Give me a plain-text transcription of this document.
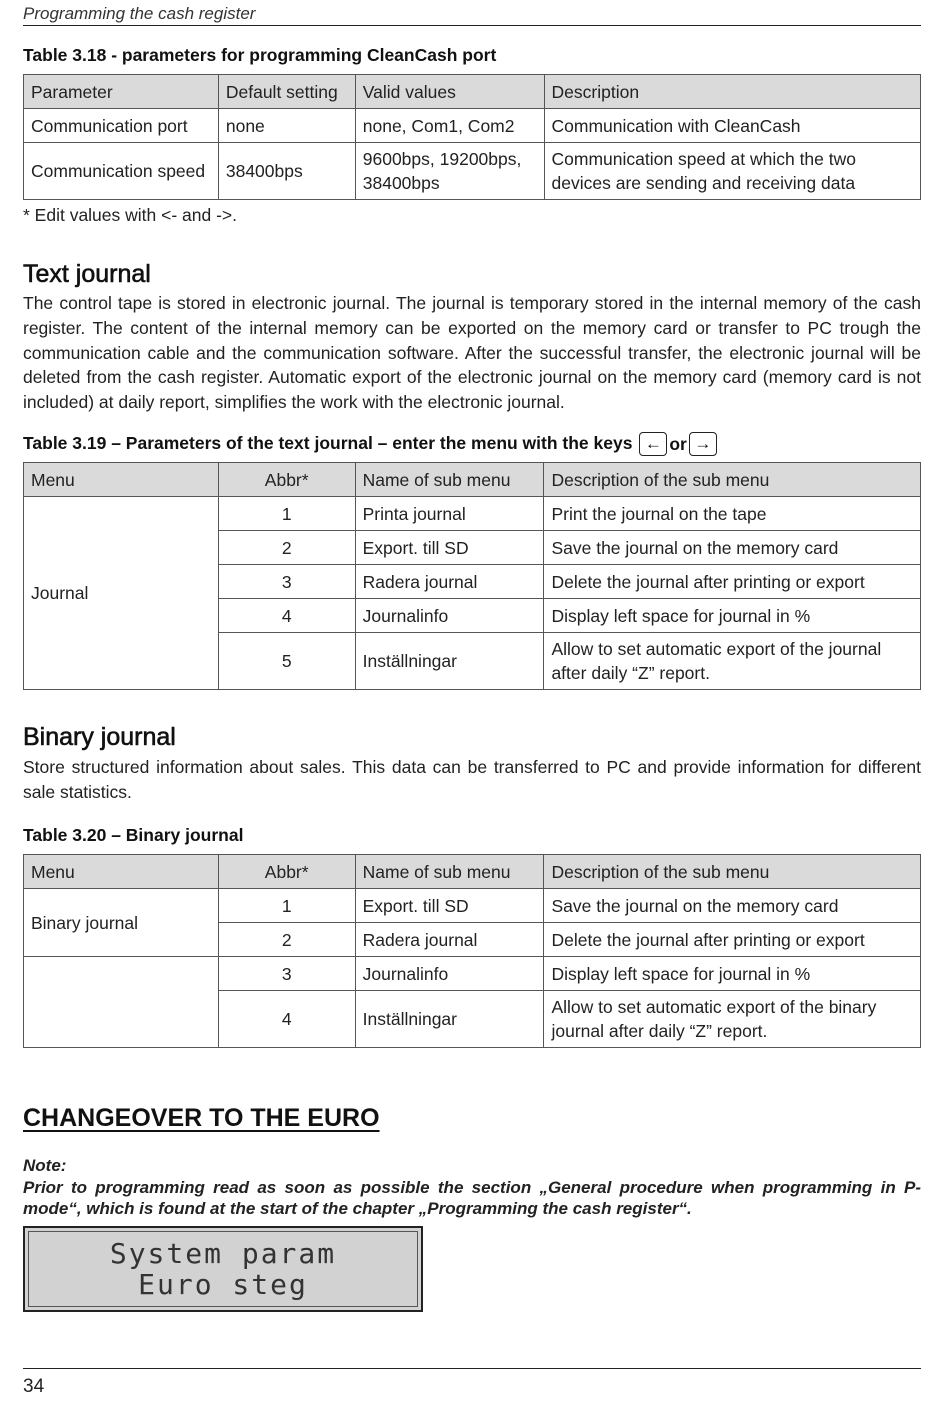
Programming the cash register
Table 3.18 - parameters for programming CleanCash port
Parameter	Default setting	Valid values	Description
Communication port	none	none, Com1, Com2	Communication with CleanCash
Communication speed	38400bps	9600bps, 19200bps, 38400bps	Communication speed at which the two devices are sending and receiving data
* Edit values with <- and ->.
Text journal

The control tape is stored in electronic journal. The journal is temporary stored in the internal memory of the cash register. The content of the internal memory can be exported on the memory card or transfer to PC trough the communication cable and the communication software. After the successful transfer, the electronic journal will be deleted from the cash register. Automatic export of the electronic journal on the memory card (memory card is not included) at daily report, simplifies the work with the electronic journal.

Table 3.19 – Parameters of the text journal – enter the menu with the keys ← or →
Menu	Abbr*	Name of sub menu	Description of the sub menu
Journal	1	Printa journal	Print the journal on the tape
	2	Export. till SD	Save the journal on the memory card
	3	Radera journal	Delete the journal after printing or export
	4	Journalinfo	Display left space for journal in %
	5	Inställningar	Allow to set automatic export of the journal after daily “Z” report.
Binary journal

Store structured information about sales. This data can be transferred to PC and provide information for different sale statistics.

Table 3.20 – Binary journal
Menu	Abbr*	Name of sub menu	Description of the sub menu
Binary journal	1	Export. till SD	Save the journal on the memory card
	2	Radera journal	Delete the journal after printing or export
	3	Journalinfo	Display left space for journal in %
	4	Inställningar	Allow to set automatic export of the binary journal after daily “Z” report.
CHANGEOVER TO THE EURO
Note:
Prior to programming read as soon as possible the section „General procedure when programming in P-mode“, which is found at the start of the chapter „Programming the cash register“.
System param
Euro steg
34
